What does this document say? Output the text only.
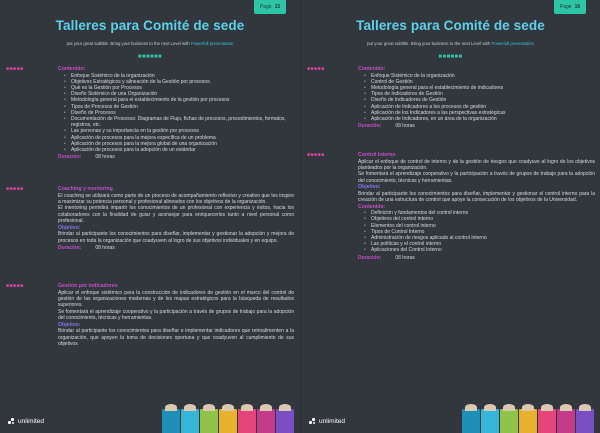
Page 15
Talleres para Comité de sede
put your great subtitle. Bring your business to the next Level with Powerfull presentation
■■■■■■
■■■■■	Contenido:
• Enfoque Sistémico de la organización
• Objetivos Estratégicos y alineación de la Gestión por procesos.
• Qué es la Gestión por Procesos
• Diseño Sistémico de una Organización
• Metodología general para el establecimiento de la gestión por procesos
• Tipos de Procesos de Gestión
• Diseño de Procesos
• Documentación de Procesos: Diagramas de Flujo, fichas de procesos, procedimientos, formatos, registros, etc.
• Las personas y su importancia en la gestión por procesos
• Aplicación de procesos para la mejora específica de un problema
• Aplicación de procesos para la mejora global de una organización
• Aplicación de procesos para la adopción de un estándar
Duración:	08 horas
■■■■■	Coaching y mentoring
El coaching se utilizará como parte de un proceso de acompañamiento reflexivo y creativo que les inspire a maximizar su potencia personal y profesional alineados con los objetivos de la organización.
El mentoring permitirá impartir los conocimientos de un profesional con experiencia y éxitos, hacia los colaboradores con la finalidad de guiar y aconsejar para enriquecerlos tanto a nivel personal como profesional.
Objetivo:
Brindar al participante los conocimientos para diseñar, implementar y gestionar la adopción y mejora de procesos en toda la organización que coadyuven al logro de sus objetivos individuales y en equipo.
Duración:	08 horas
■■■■■	Gestión por indicadores
Aplicar el enfoque sistémico para la construcción de indicadores de gestión en el marco del control de gestión de las organizaciones modernas y de los mapas estratégicos para la búsqueda de resultados superiores.
Se fomentará el aprendizaje cooperativo y la participación a través de grupos de trabajo para la adopción del conocimiento, técnicas y herramientas.
Objetivo:
Brindar al participante los conocimientos para diseñar e implementar indicadores que retroalimenten a la organización, que apoyen la toma de decisiones oportuna y que coadyuven al cumplimiento de sus objetivos
unlimited
Page 16
Talleres para Comité de sede
put your great subtitle. Bring your business to the next Level with Powerfull presentation
■■■■■■
■■■■■	Contenido:
• Enfoque Sistémico de la organización
• Control de Gestión
• Metodología general para el establecimiento de indicadores
• Tipos de Indicadores de Gestión
• Diseño de Indicadores de Gestión
• Aplicación de Indicadores a los procesos de gestión
• Aplicación de los Indicadores a las perspectivas estratégicas
• Aplicación de Indicadores, en un área de la organización
Duración:	08 horas
■■■■■	Control Interno
Aplicar el enfoque de control de interno y de la gestión de riesgos que coadyuve al logro de los objetivos planteados por la organización.
Se fomentará el aprendizaje cooperativo y la participación a través de grupos de trabajo para la adopción del conocimiento, técnicas y herramientas.
Objetivo:
Brindar al participante los conocimientos para diseñar, implementar y gestionar el control interno para la creación de una estructura de control que apoye la consecución de los objetivos de la Universidad.
Contenido:
• Definición y fundamentos del control interno
• Objetivos del control interno
• Elementos del control interno
• Tipos de Control Interno
• Administración de riesgos aplicado al control interno
• Las políticas y el control interno
• Aplicaciones del Control Interno
Duración:	08 horas
unlimited
